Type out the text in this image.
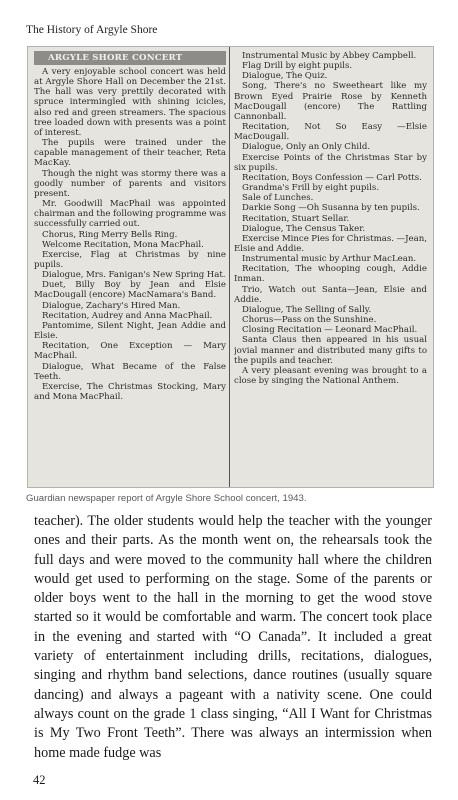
The History of Argyle Shore
ARGYLE SHORE CONCERT

A very enjoyable school concert was held at Argyle Shore Hall on December the 21st. The hall was very prettily decorated with spruce intermingled with shining icicles, also red and green streamers. The spacious tree loaded down with presents was a point of interest.

The pupils were trained under the capable management of their teacher, Reta MacKay.

Though the night was stormy there was a goodly number of parents and visitors present.

Mr. Goodwill MacPhail was appointed chairman and the following programme was successfully carried out.

Chorus, Ring Merry Bells Ring.

Welcome Recitation, Mona MacPhail.

Exercise, Flag at Christmas by nine pupils.

Dialogue, Mrs. Fanigan's New Spring Hat.

Duet, Billy Boy by Jean and Elsie MacDougall (encore) MacNamara's Band.

Dialogue, Zachary's Hired Man.

Recitation, Audrey and Anna MacPhail.

Pantomime, Silent Night, Jean Addie and Elsie.

Recitation, One Exception — Mary MacPhail.

Dialogue, What Became of the False Teeth.

Exercise, The Christmas Stocking, Mary and Mona MacPhail.

Instrumental Music by Abbey Campbell.

Flag Drill by eight pupils.

Dialogue, The Quiz.

Song, There's no Sweetheart like my Brown Eyed Prairie Rose by Kenneth MacDougall (encore) The Rattling Cannonball.

Recitation, Not So Easy —Elsie MacDougall.

Dialogue, Only an Only Child.

Exercise Points of the Christmas Star by six pupils.

Recitation, Boys Confession — Carl Potts.

Grandma's Frill by eight pupils.

Sale of Lunches.

Darkie Song —Oh Susanna by ten pupils.

Recitation, Stuart Sellar.

Dialogue, The Census Taker.

Exercise Mince Pies for Christmas. —Jean, Elsie and Addie.

Instrumental music by Arthur MacLean.

Recitation, The whooping cough, Addie Inman.

Trio, Watch out Santa—Jean, Elsie and Addie.

Dialogue, The Selling of Sally.

Chorus—Pass on the Sunshine.

Closing Recitation — Leonard MacPhail.

Santa Claus then appeared in his usual jovial manner and distributed many gifts to the pupils and teacher.

A very pleasant evening was brought to a close by singing the National Anthem.

Guardian newspaper report of Argyle Shore School concert, 1943.

teacher). The older students would help the teacher with the younger ones and their parts. As the month went on, the rehearsals took the full days and were moved to the community hall where the children would get used to performing on the stage. Some of the parents or older boys went to the hall in the morning to get the wood stove started so it would be comfortable and warm. The concert took place in the evening and started with “O Canada”. It included a great variety of entertainment including drills, recitations, dialogues, singing and rhythm band selections, dance routines (usually square dancing) and always a pageant with a nativity scene. One could always count on the grade 1 class singing, “All I Want for Christmas is My Two Front Teeth”. There was always an intermission when home made fudge was

42
